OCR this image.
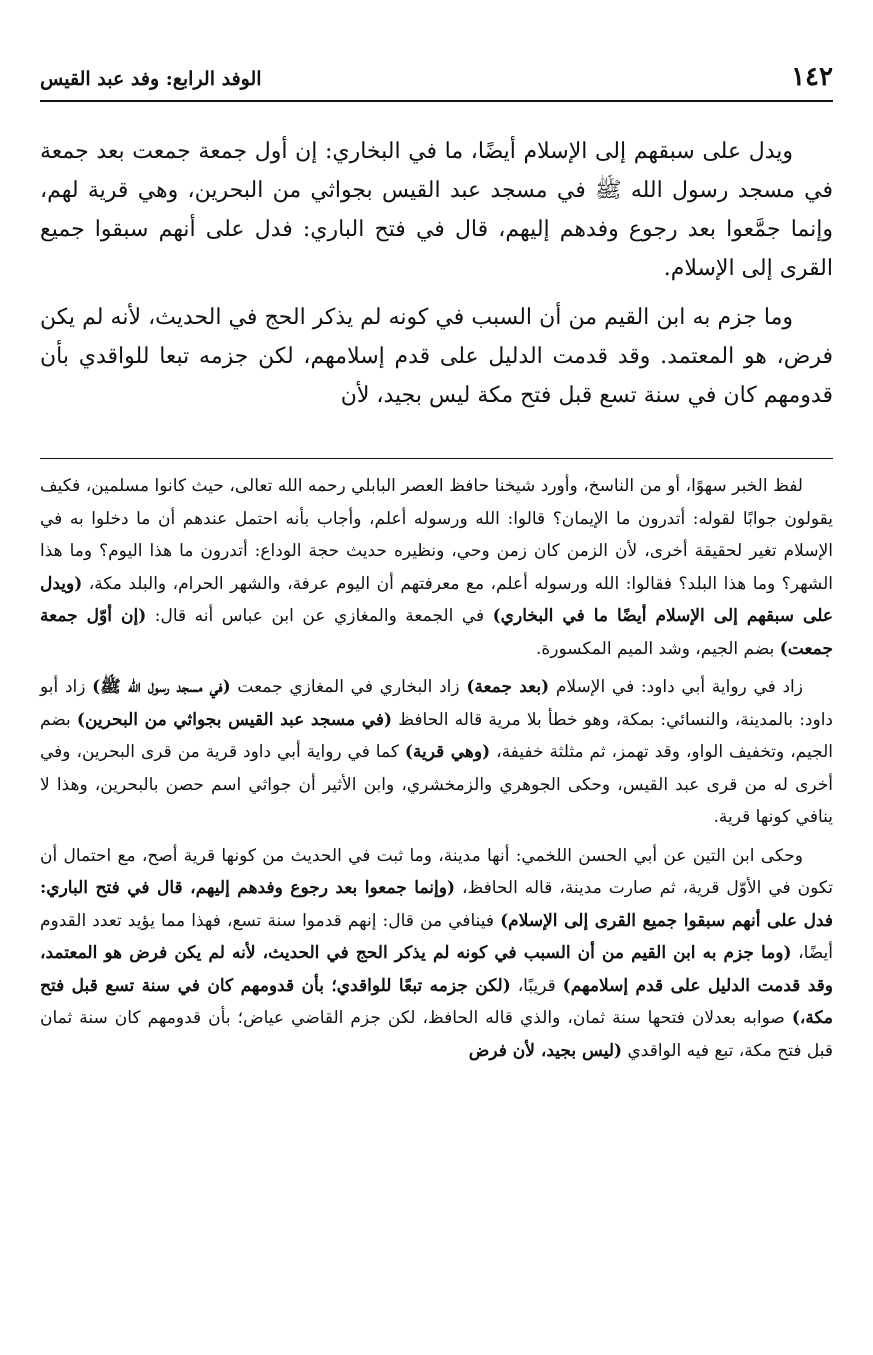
١٤٢
الوفد الرابع: وفد عبد القيس

ويدل على سبقهم إلى الإسلام أيضًا، ما في البخاري: إن أول جمعة جمعت بعد جمعة في مسجد رسول الله ﷺ في مسجد عبد القيس بجواثي من البحرين، وهي قرية لهم، وإنما جمَّعوا بعد رجوع وفدهم إليهم، قال في فتح الباري: فدل على أنهم سبقوا جميع القرى إلى الإسلام.

وما جزم به ابن القيم من أن السبب في كونه لم يذكر الحج في الحديث، لأنه لم يكن فرض، هو المعتمد. وقد قدمت الدليل على قدم إسلامهم، لكن جزمه تبعا للواقدي بأن قدومهم كان في سنة تسع قبل فتح مكة ليس بجيد، لأن

لفظ الخبر سهوًا، أو من الناسخ، وأورد شيخنا حافظ العصر البابلي رحمه الله تعالى، حيث كانوا مسلمين، فكيف يقولون جوابًا لقوله: أتدرون ما الإيمان؟ قالوا: الله ورسوله أعلم، وأجاب بأنه احتمل عندهم أن ما دخلوا به في الإسلام تغير لحقيقة أخرى، لأن الزمن كان زمن وحي، ونظيره حديث حجة الوداع: أتدرون ما هذا اليوم؟ وما هذا الشهر؟ وما هذا البلد؟ فقالوا: الله ورسوله أعلم، مع معرفتهم أن اليوم عرفة، والشهر الحرام، والبلد مكة، (ويدل على سبقهم إلى الإسلام أيضًا ما في البخاري) في الجمعة والمغازي عن ابن عباس أنه قال: (إن أوّل جمعة جمعت) بضم الجيم، وشد الميم المكسورة.

زاد في رواية أبي داود: في الإسلام (بعد جمعة) زاد البخاري في المغازي جمعت (في مسجد رسول الله ﷺ) زاد أبو داود: بالمدينة، والنسائي: بمكة، وهو خطأ بلا مرية قاله الحافظ (في مسجد عبد القيس بجواثي من البحرين) بضم الجيم، وتخفيف الواو، وقد تهمز، ثم مثلثة خفيفة، (وهي قرية) كما في رواية أبي داود قرية من قرى البحرين، وفي أخرى له من قرى عبد القيس، وحكى الجوهري والزمخشري، وابن الأثير أن جواثي اسم حصن بالبحرين، وهذا لا ينافي كونها قرية.

وحكى ابن التين عن أبي الحسن اللخمي: أنها مدينة، وما ثبت في الحديث من كونها قرية أصح، مع احتمال أن تكون في الأوّل قرية، ثم صارت مدينة، قاله الحافظ، (وإنما جمعوا بعد رجوع وفدهم إليهم، قال في فتح الباري: فدل على أنهم سبقوا جميع القرى إلى الإسلام) فينافي من قال: إنهم قدموا سنة تسع، فهذا مما يؤيد تعدد القدوم أيضًا، (وما جزم به ابن القيم من أن السبب في كونه لم يذكر الحج في الحديث، لأنه لم يكن فرض هو المعتمد، وقد قدمت الدليل على قدم إسلامهم) قريبًا، (لكن جزمه تبعًا للواقدي؛ بأن قدومهم كان في سنة تسع قبل فتح مكة،) صوابه بعدلان فتحها سنة ثمان، والذي قاله الحافظ، لكن جزم القاضي عياض؛ بأن قدومهم كان سنة ثمان قبل فتح مكة، تبع فيه الواقدي (ليس بجيد، لأن فرض
